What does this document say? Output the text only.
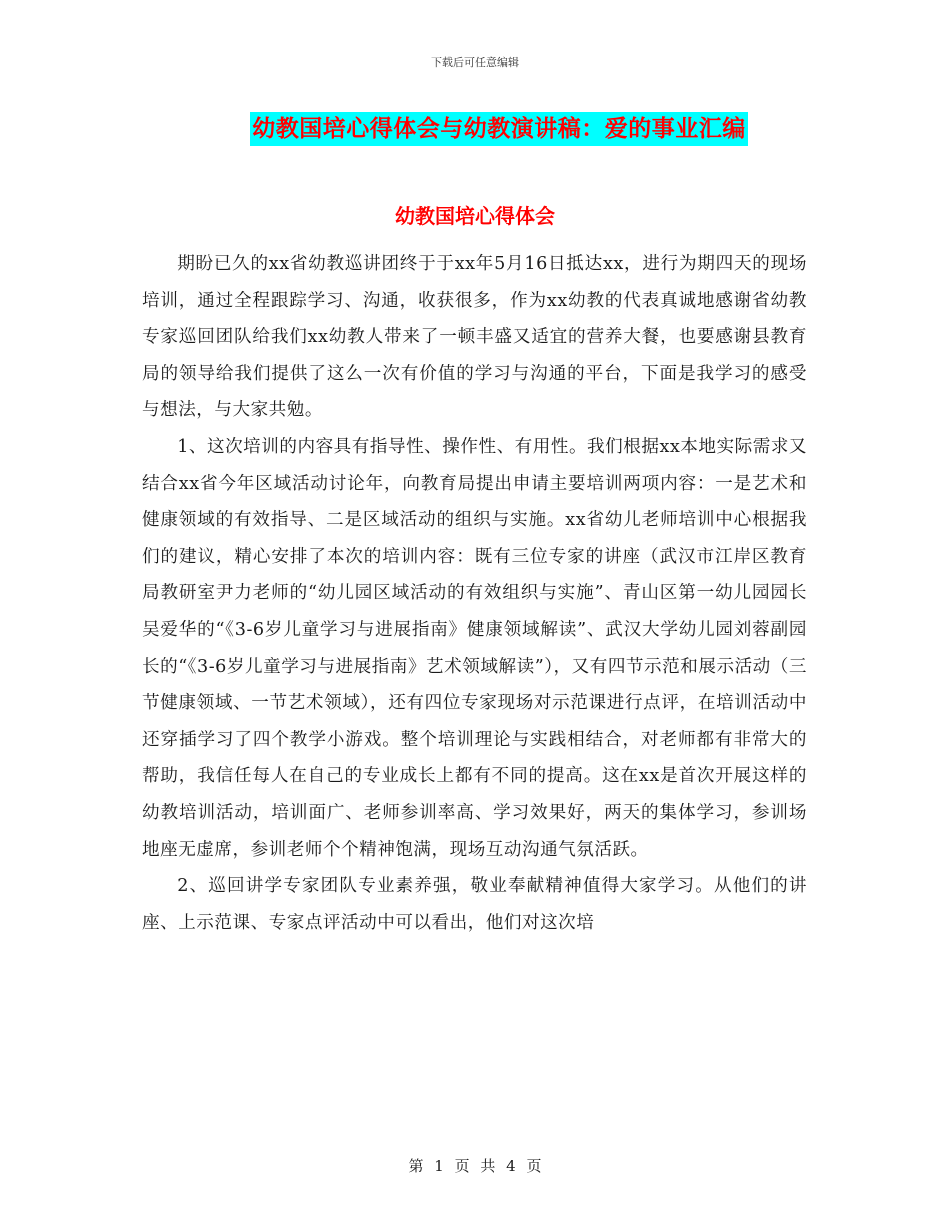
下载后可任意编辑
幼教国培心得体会与幼教演讲稿：爱的事业汇编
幼教国培心得体会

期盼已久的xx省幼教巡讲团终于于xx年5月16日抵达xx，进行为期四天的现场培训，通过全程跟踪学习、沟通，收获很多，作为xx幼教的代表真诚地感谢省幼教专家巡回团队给我们xx幼教人带来了一顿丰盛又适宜的营养大餐，也要感谢县教育局的领导给我们提供了这么一次有价值的学习与沟通的平台，下面是我学习的感受与想法，与大家共勉。

1、这次培训的内容具有指导性、操作性、有用性。我们根据xx本地实际需求又结合xx省今年区域活动讨论年，向教育局提出申请主要培训两项内容：一是艺术和健康领域的有效指导、二是区域活动的组织与实施。xx省幼儿老师培训中心根据我们的建议，精心安排了本次的培训内容：既有三位专家的讲座（武汉市江岸区教育局教研室尹力老师的“幼儿园区域活动的有效组织与实施”、青山区第一幼儿园园长吴爱华的“《3-6岁儿童学习与进展指南》健康领域解读”、武汉大学幼儿园刘蓉副园长的“《3-6岁儿童学习与进展指南》艺术领域解读”），又有四节示范和展示活动（三节健康领域、一节艺术领域），还有四位专家现场对示范课进行点评，在培训活动中还穿插学习了四个教学小游戏。整个培训理论与实践相结合，对老师都有非常大的帮助，我信任每人在自己的专业成长上都有不同的提高。这在xx是首次开展这样的幼教培训活动，培训面广、老师参训率高、学习效果好，两天的集体学习，参训场地座无虚席，参训老师个个精神饱满，现场互动沟通气氛活跃。

2、巡回讲学专家团队专业素养强，敬业奉献精神值得大家学习。从他们的讲座、上示范课、专家点评活动中可以看出，他们对这次培

第 1 页 共 4 页
